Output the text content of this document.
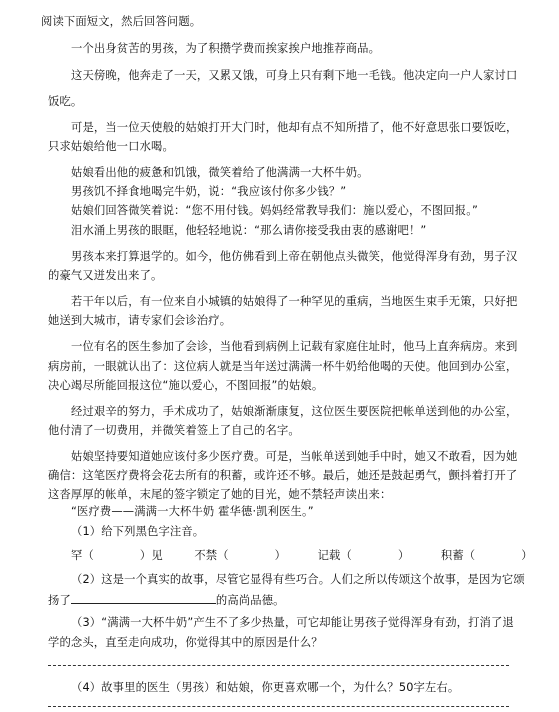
阅读下面短文，然后回答问题。
一个出身贫苦的男孩，为了积攒学费而挨家挨户地推荐商品。
这天傍晚，他奔走了一天，又累又饿，可身上只有剩下地一毛钱。他决定向一户人家讨口
饭吃。
可是，当一位天使般的姑娘打开大门时，他却有点不知所措了，他不好意思张口要饭吃，
只求姑娘给他一口水喝。
姑娘看出他的疲惫和饥饿，微笑着给了他满满一大杯牛奶。
男孩饥不择食地喝完牛奶，说：“我应该付你多少钱？”
姑娘们回答微笑着说：“您不用付钱。妈妈经常教导我们：施以爱心，不图回报。”
泪水涌上男孩的眼眶，他轻轻地说：“那么请你接受我由衷的感谢吧！”
男孩本来打算退学的。如今，他仿佛看到上帝在朝他点头微笑，他觉得浑身有劲，男子汉
的豪气又迸发出来了。
若干年以后，有一位来自小城镇的姑娘得了一种罕见的重病，当地医生束手无策，只好把
她送到大城市，请专家们会诊治疗。
一位有名的医生参加了会诊，当他看到病例上记载有家庭住址时，他马上直奔病房。来到
病房前，一眼就认出了：这位病人就是当年送过满满一杯牛奶给他喝的天使。他回到办公室，
决心竭尽所能回报这位“施以爱心，不图回报”的姑娘。
经过艰辛的努力，手术成功了，姑娘渐渐康复，这位医生要医院把帐单送到他的办公室，
他付清了一切费用，并微笑着签上了自己的名字。
姑娘坚持要知道她应该付多少医疗费。可是，当帐单送到她手中时，她又不敢看，因为她
确信：这笔医疗费将会花去所有的积蓄，或许还不够。最后，她还是鼓起勇气，颤抖着打开了
这沓厚厚的帐单，末尾的签字锁定了她的目光，她不禁轻声读出来：
“医疗费——满满一大杯牛奶 霍华德·凯利医生。”
（1）给下列黑色字注音。
罕（	）见	不禁（	）	记载（	）	积蓄（	）
（2）这是一个真实的故事，尽管它显得有些巧合。人们之所以传颂这个故事，是因为它颂
扬了	的高尚品德。
（3）“满满一大杯牛奶”产生不了多少热量，可它却能让男孩子觉得浑身有劲，打消了退
学的念头，直至走向成功，你觉得其中的原因是什么？
（4）故事里的医生（男孩）和姑娘，你更喜欢哪一个，为什么？50字左右。
